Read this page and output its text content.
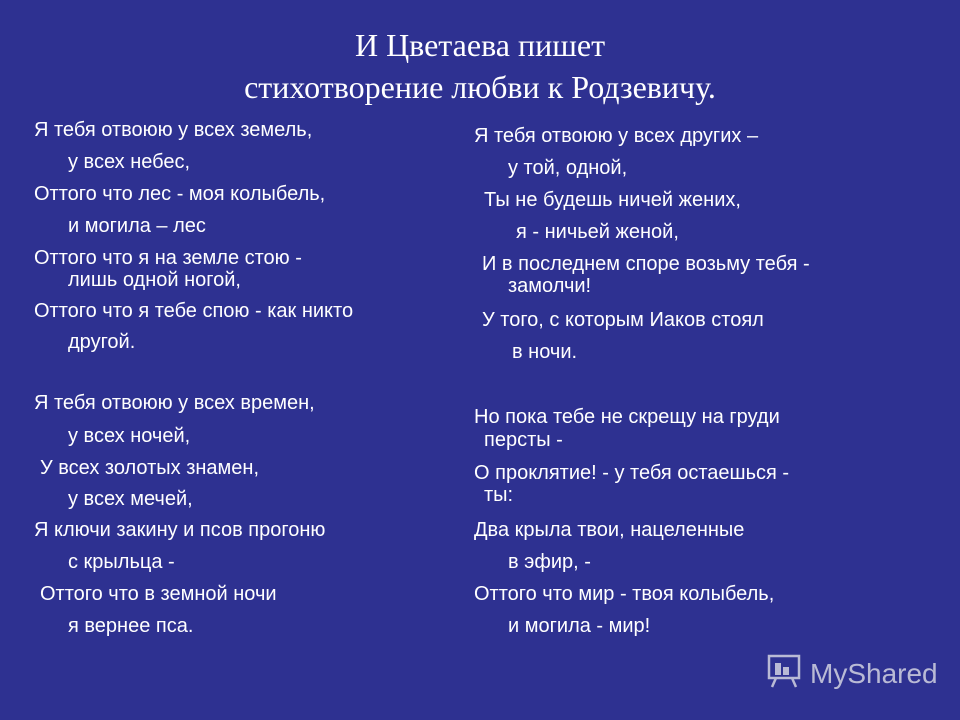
И Цветаева пишет
стихотворение любви к Родзевичу.
Я тебя отвоюю у всех земель,
у всех небес,
Оттого что лес - моя колыбель,
и могила – лес
Оттого что я на земле стою -
лишь одной ногой,
Оттого что я тебе спою - как никто
другой.
Я тебя отвоюю у всех времен,
у всех ночей,
У всех золотых знамен,
у всех мечей,
Я ключи закину и псов прогоню
с крыльца -
Оттого что в земной ночи
я вернее пса.
Я тебя отвоюю у всех других –
у той, одной,
Ты не будешь ничей жених,
я - ничьей женой,
И в последнем споре возьму тебя -
замолчи!
У того, с которым Иаков стоял
в ночи.
Но пока тебе не скрещу на груди
персты -
О проклятие! - у тебя остаешься -
ты:
Два крыла твои, нацеленные
в эфир, -
Оттого что мир - твоя колыбель,
и могила - мир!
MyShared
